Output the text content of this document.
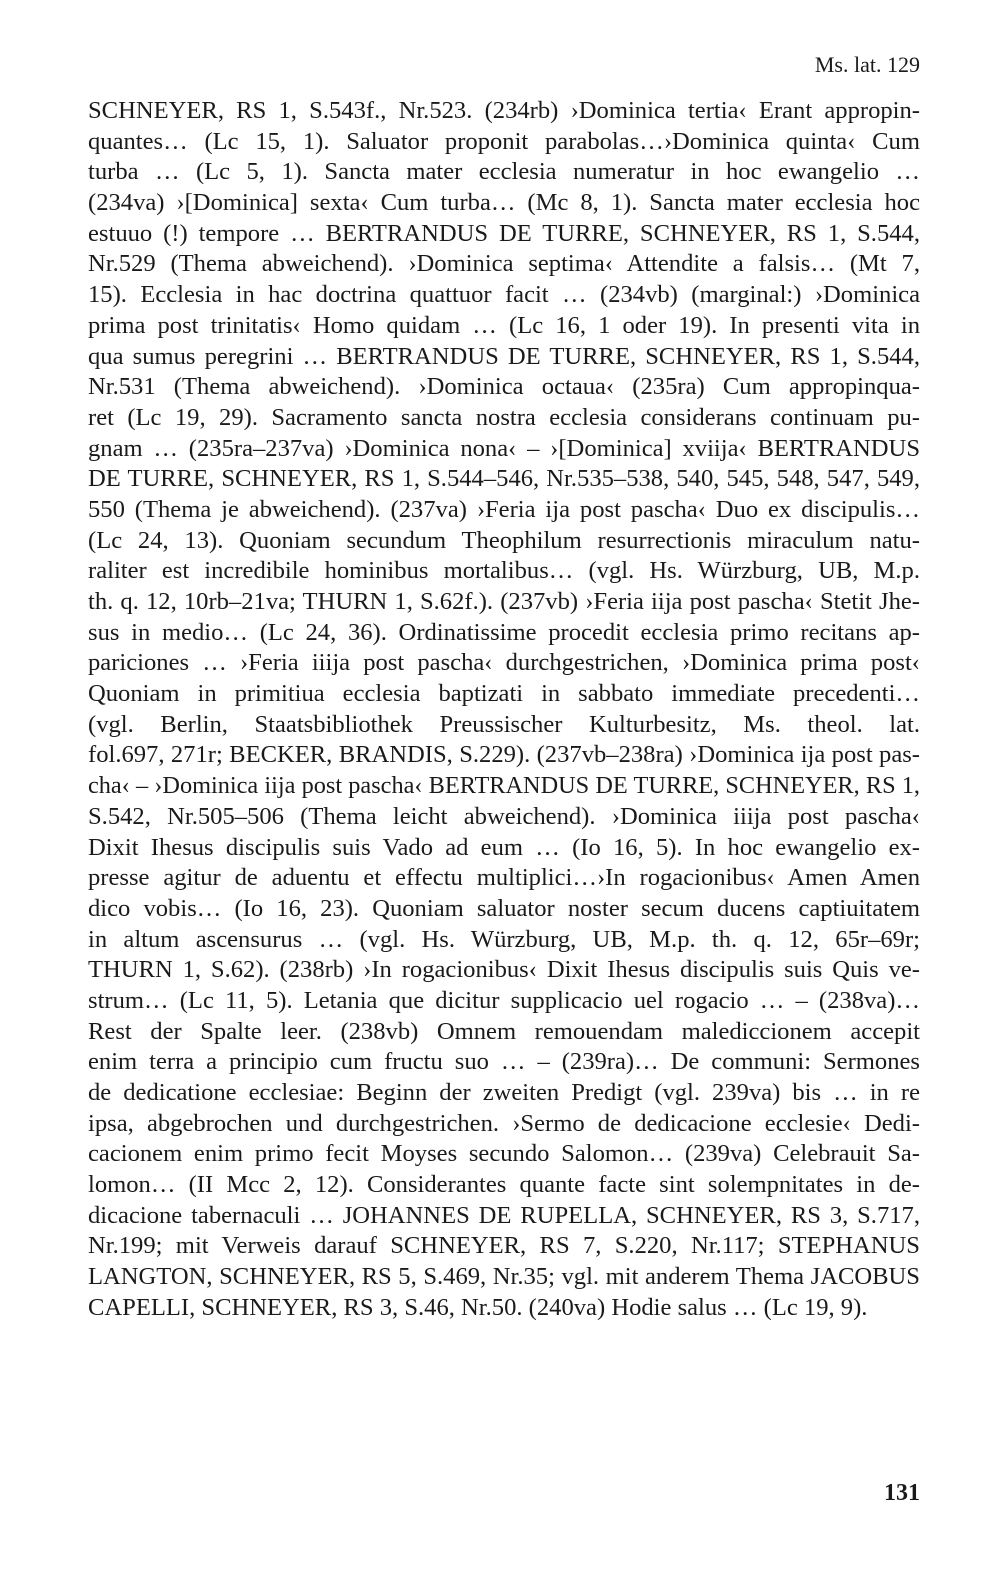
Ms. lat. 129
SCHNEYER, RS 1, S.543f., Nr.523. (234rb) ›Dominica tertia‹ Erant appropin-
quantes… (Lc 15, 1). Saluator proponit parabolas…›Dominica quinta‹ Cum
turba … (Lc 5, 1). Sancta mater ecclesia numeratur in hoc ewangelio …
(234va) ›[Dominica] sexta‹ Cum turba… (Mc 8, 1). Sancta mater ecclesia hoc
estuuo (!) tempore … BERTRANDUS DE TURRE, SCHNEYER, RS 1, S.544,
Nr.529 (Thema abweichend). ›Dominica septima‹ Attendite a falsis… (Mt 7,
15). Ecclesia in hac doctrina quattuor facit … (234vb) (marginal:) ›Dominica
prima post trinitatis‹ Homo quidam … (Lc 16, 1 oder 19). In presenti vita in
qua sumus peregrini … BERTRANDUS DE TURRE, SCHNEYER, RS 1, S.544,
Nr.531 (Thema abweichend). ›Dominica octaua‹ (235ra) Cum appropinqua-
ret (Lc 19, 29). Sacramento sancta nostra ecclesia considerans continuam pu-
gnam … (235ra–237va) ›Dominica nona‹ – ›[Dominica] xviija‹ BERTRANDUS
DE TURRE, SCHNEYER, RS 1, S.544–546, Nr.535–538, 540, 545, 548, 547, 549,
550 (Thema je abweichend). (237va) ›Feria ija post pascha‹ Duo ex discipulis…
(Lc 24, 13). Quoniam secundum Theophilum resurrectionis miraculum natu-
raliter est incredibile hominibus mortalibus… (vgl. Hs. Würzburg, UB, M.p.
th. q. 12, 10rb–21va; THURN 1, S.62f.). (237vb) ›Feria iija post pascha‹ Stetit Jhe-
sus in medio… (Lc 24, 36). Ordinatissime procedit ecclesia primo recitans ap-
pariciones … ›Feria iiija post pascha‹ durchgestrichen, ›Dominica prima post‹
Quoniam in primitiua ecclesia baptizati in sabbato immediate precedenti…
(vgl. Berlin, Staatsbibliothek Preussischer Kulturbesitz, Ms. theol. lat.
fol.697, 271r; BECKER, BRANDIS, S.229). (237vb–238ra) ›Dominica ija post pas-
cha‹ – ›Dominica iija post pascha‹ BERTRANDUS DE TURRE, SCHNEYER, RS 1,
S.542, Nr.505–506 (Thema leicht abweichend). ›Dominica iiija post pascha‹
Dixit Ihesus discipulis suis Vado ad eum … (Io 16, 5). In hoc ewangelio ex-
presse agitur de aduentu et effectu multiplici…›In rogacionibus‹ Amen Amen
dico vobis… (Io 16, 23). Quoniam saluator noster secum ducens captiuitatem
in altum ascensurus … (vgl. Hs. Würzburg, UB, M.p. th. q. 12, 65r–69r;
THURN 1, S.62). (238rb) ›In rogacionibus‹ Dixit Ihesus discipulis suis Quis ve-
strum… (Lc 11, 5). Letania que dicitur supplicacio uel rogacio … – (238va)…
Rest der Spalte leer. (238vb) Omnem remouendam malediccionem accepit
enim terra a principio cum fructu suo … – (239ra)… De communi: Sermones
de dedicatione ecclesiae: Beginn der zweiten Predigt (vgl. 239va) bis … in re
ipsa, abgebrochen und durchgestrichen. ›Sermo de dedicacione ecclesie‹ Dedi-
cacionem enim primo fecit Moyses secundo Salomon… (239va) Celebrauit Sa-
lomon… (II Mcc 2, 12). Considerantes quante facte sint solempnitates in de-
dicacione tabernaculi … JOHANNES DE RUPELLA, SCHNEYER, RS 3, S.717,
Nr.199; mit Verweis darauf SCHNEYER, RS 7, S.220, Nr.117; STEPHANUS
LANGTON, SCHNEYER, RS 5, S.469, Nr.35; vgl. mit anderem Thema JACOBUS
CAPELLI, SCHNEYER, RS 3, S.46, Nr.50. (240va) Hodie salus … (Lc 19, 9).
131
